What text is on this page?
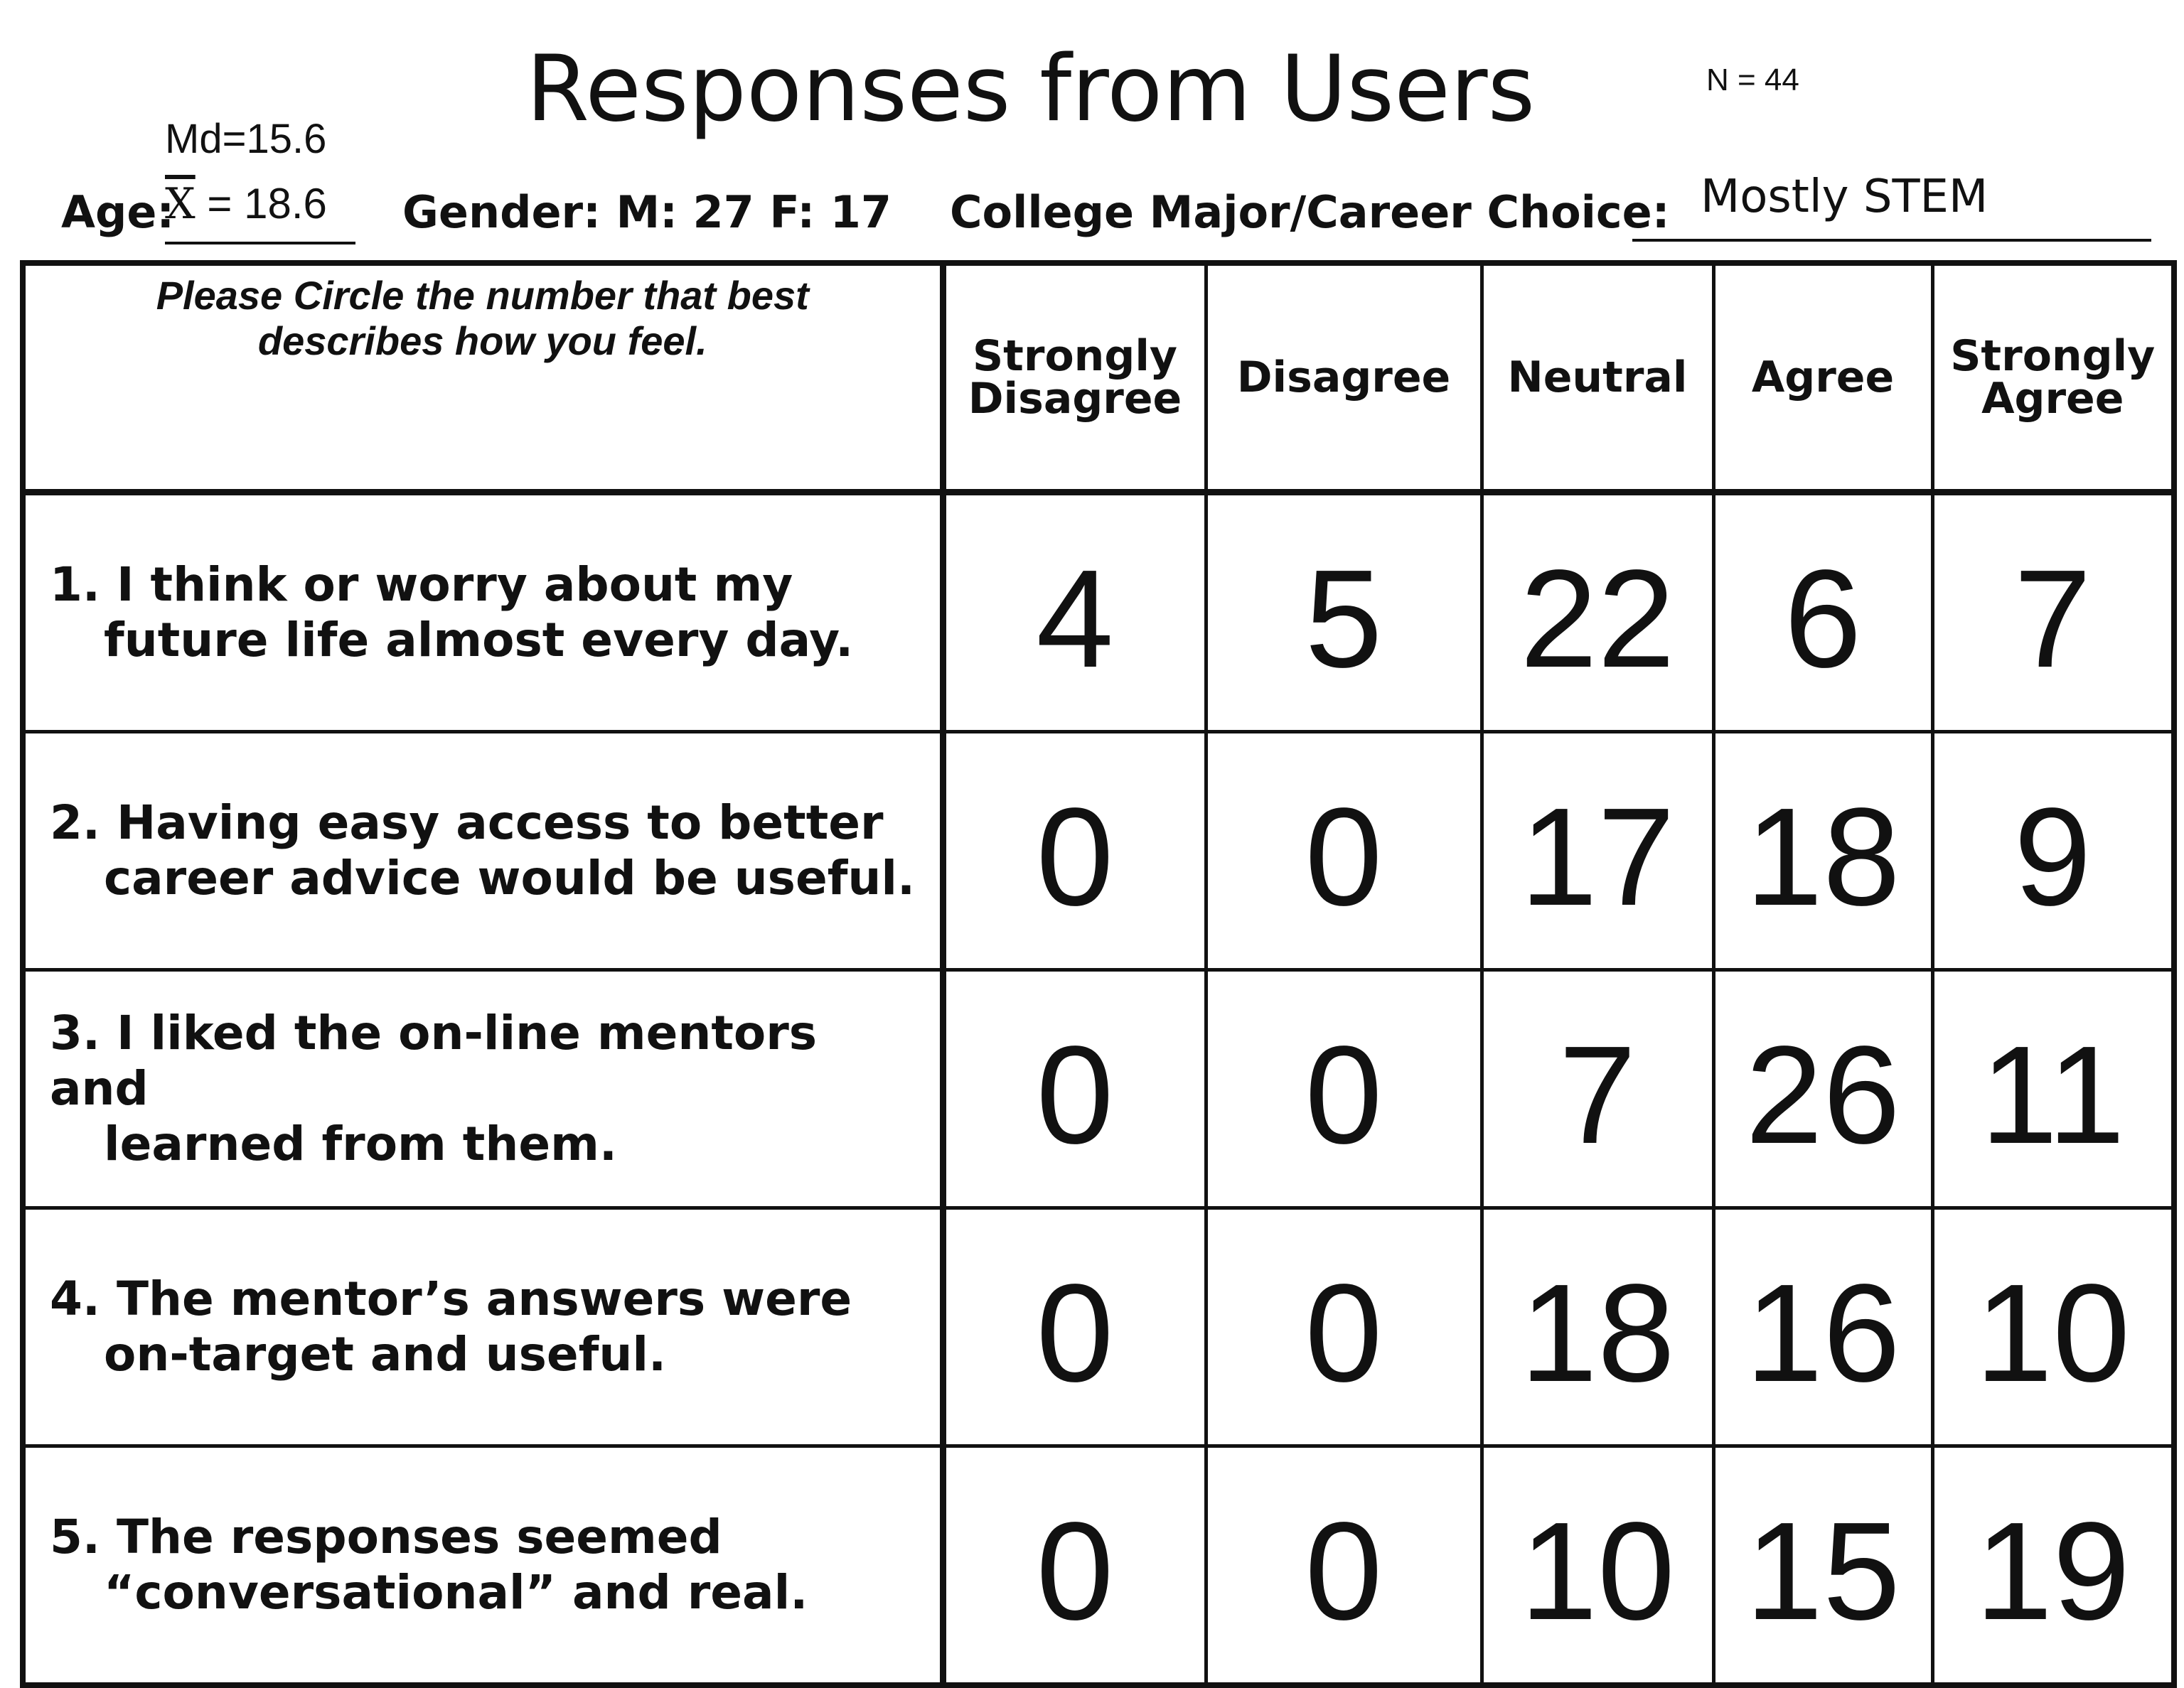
Responses from Users	N = 44
Md=15.6
Age:
$\overline{X} = 18.6$	Gender: M: 27 F: 17 College Major/Career Choice: Mostly STEM
Please Circle the number that best
describes how you feel.	Strongly
Disagree	Disagree	Neutral	Agree	Strongly
Agree

1. I think or worry about my
future life almost every day.	4	5	22	6	7
2. Having easy access to better
career advice would be useful.	0	0	17	18	9
3. I liked the on-line mentors and
learned from them.	0	0	7	26	11
4. The mentor’s answers were
on-target and useful.	0	0	18	16	10
5. The responses seemed
“conversational” and real.	0	0	10	15	19
